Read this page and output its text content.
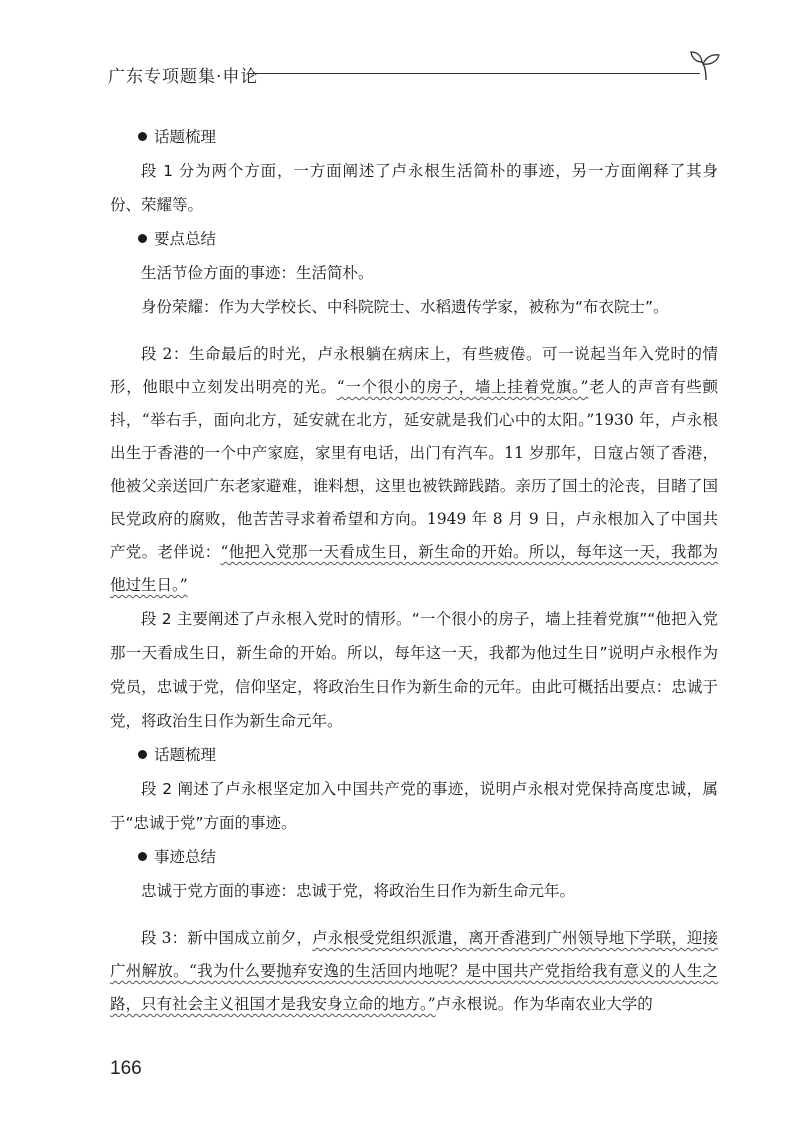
广东专项题集·申论

话题梳理

段 1 分为两个方面，一方面阐述了卢永根生活简朴的事迹，另一方面阐释了其身份、荣耀等。

要点总结

生活节俭方面的事迹：生活简朴。

身份荣耀：作为大学校长、中科院院士、水稻遗传学家，被称为“布衣院士”。

段 2：生命最后的时光，卢永根躺在病床上，有些疲倦。可一说起当年入党时的情形，他眼中立刻发出明亮的光。“一个很小的房子，墙上挂着党旗。”老人的声音有些颤抖，“举右手，面向北方，延安就在北方，延安就是我们心中的太阳。”1930 年，卢永根出生于香港的一个中产家庭，家里有电话，出门有汽车。11 岁那年，日寇占领了香港，他被父亲送回广东老家避难，谁料想，这里也被铁蹄践踏。亲历了国土的沦丧，目睹了国民党政府的腐败，他苦苦寻求着希望和方向。1949 年 8 月 9 日，卢永根加入了中国共产党。老伴说：“他把入党那一天看成生日，新生命的开始。所以，每年这一天，我都为他过生日。”

段 2 主要阐述了卢永根入党时的情形。“一个很小的房子，墙上挂着党旗”“他把入党那一天看成生日，新生命的开始。所以，每年这一天，我都为他过生日”说明卢永根作为党员，忠诚于党，信仰坚定，将政治生日作为新生命的元年。由此可概括出要点：忠诚于党，将政治生日作为新生命元年。

话题梳理

段 2 阐述了卢永根坚定加入中国共产党的事迹，说明卢永根对党保持高度忠诚，属于“忠诚于党”方面的事迹。

事迹总结

忠诚于党方面的事迹：忠诚于党，将政治生日作为新生命元年。

段 3：新中国成立前夕，卢永根受党组织派遣，离开香港到广州领导地下学联，迎接广州解放。“我为什么要抛弃安逸的生活回内地呢？是中国共产党指给我有意义的人生之路，只有社会主义祖国才是我安身立命的地方。”卢永根说。作为华南农业大学的

166
